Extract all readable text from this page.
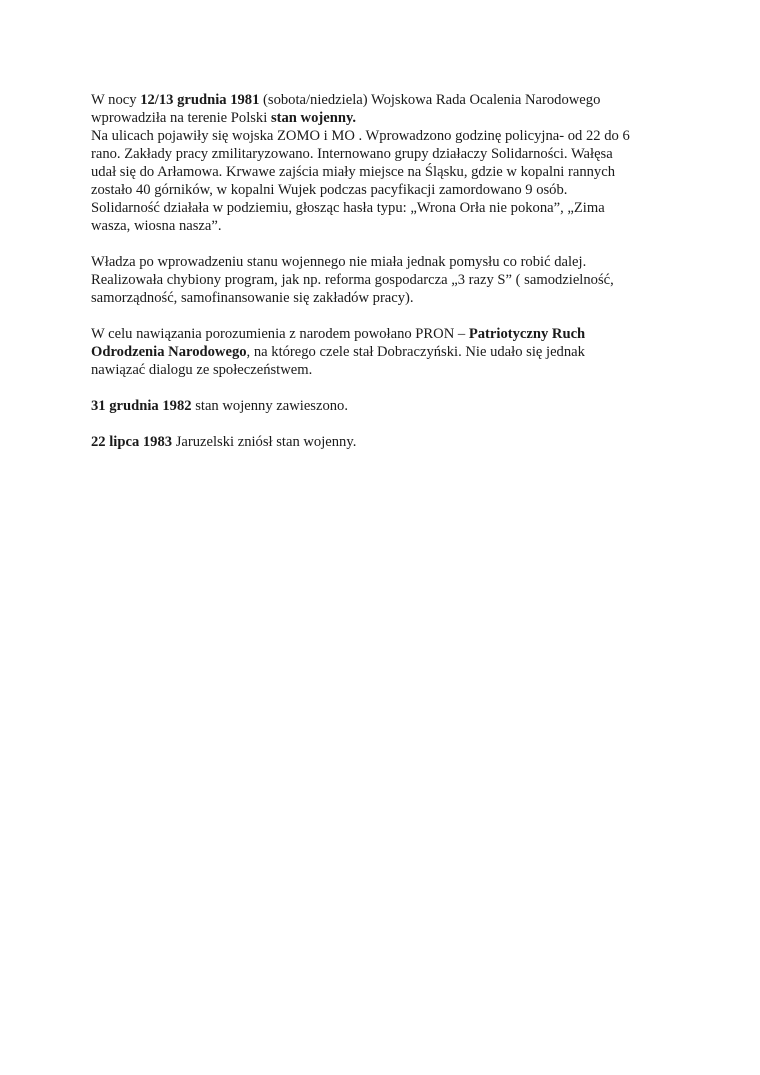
W nocy 12/13 grudnia 1981 (sobota/niedziela) Wojskowa Rada Ocalenia Narodowego
wprowadziła na terenie Polski stan wojenny.
Na ulicach pojawiły się wojska ZOMO i MO . Wprowadzono godzinę policyjna- od 22 do 6
rano. Zakłady pracy zmilitaryzowano. Internowano grupy działaczy Solidarności. Wałęsa
udał się do Arłamowa. Krwawe zajścia miały miejsce na Śląsku, gdzie w kopalni rannych
zostało 40 górników, w kopalni Wujek podczas pacyfikacji zamordowano 9 osób.
Solidarność działała w podziemiu, głosząc hasła typu: „Wrona Orła nie pokona”, „Zima
wasza, wiosna nasza”.

Władza po wprowadzeniu stanu wojennego nie miała jednak pomysłu co robić dalej.
Realizowała chybiony program, jak np. reforma gospodarcza „3 razy S” ( samodzielność,
samorządność, samofinansowanie się zakładów pracy).

W celu nawiązania porozumienia z narodem powołano PRON – Patriotyczny Ruch
Odrodzenia Narodowego, na którego czele stał Dobraczyński. Nie udało się jednak
nawiązać dialogu ze społeczeństwem.

31 grudnia 1982 stan wojenny zawieszono.

22 lipca 1983 Jaruzelski zniósł stan wojenny.
